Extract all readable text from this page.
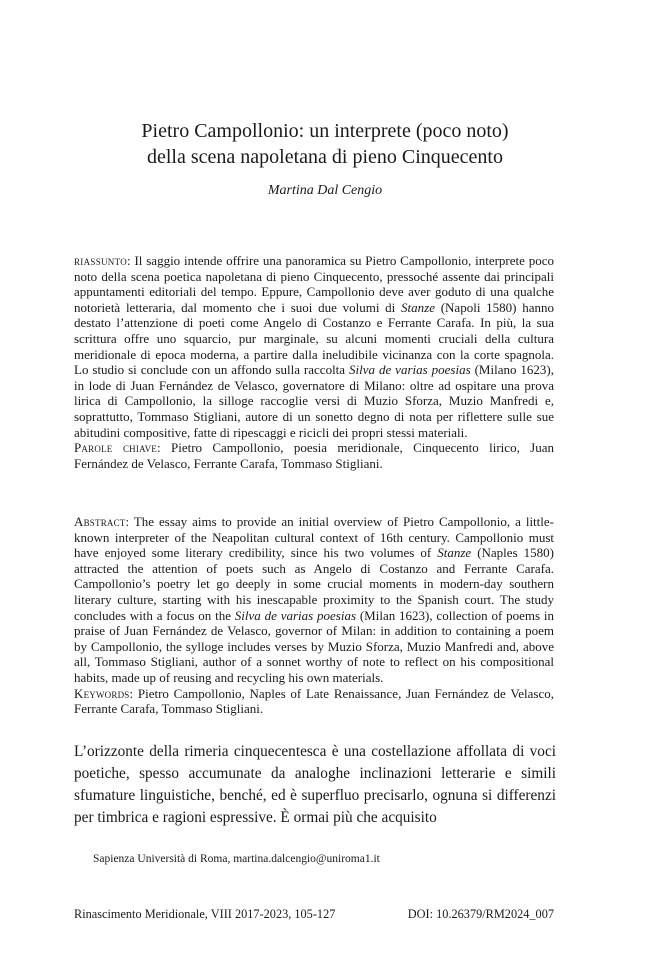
Pietro Campollonio: un interprete (poco noto)
della scena napoletana di pieno Cinquecento
Martina Dal Cengio

riassunto: Il saggio intende offrire una panoramica su Pietro Campollonio, interprete poco noto della scena poetica napoletana di pieno Cinquecento, pressoché assente dai principali appuntamenti editoriali del tempo. Eppure, Campollonio deve aver goduto di una qualche notorietà letteraria, dal momento che i suoi due volumi di Stanze (Napoli 1580) hanno destato l’attenzione di poeti come Angelo di Costanzo e Ferrante Carafa. In più, la sua scrittura offre uno squarcio, pur marginale, su alcuni momenti cruciali della cultura meridionale di epoca moderna, a partire dalla ineludibile vicinanza con la corte spagnola. Lo studio si conclude con un affondo sulla raccolta Silva de varias poesias (Milano 1623), in lode di Juan Fernández de Velasco, governatore di Milano: oltre ad ospitare una prova lirica di Campollonio, la silloge raccoglie versi di Muzio Sforza, Muzio Manfredi e, soprattutto, Tommaso Stigliani, autore di un sonetto degno di nota per riflettere sulle sue abitudini compositive, fatte di ripescaggi e ricicli dei propri stessi materiali.

Parole chiave: Pietro Campollonio, poesia meridionale, Cinquecento lirico, Juan Fernández de Velasco, Ferrante Carafa, Tommaso Stigliani.

Abstract: The essay aims to provide an initial overview of Pietro Campollonio, a little-known interpreter of the Neapolitan cultural context of 16th century. Campollonio must have enjoyed some literary credibility, since his two volumes of Stanze (Naples 1580) attracted the attention of poets such as Angelo di Costanzo and Ferrante Carafa. Campollonio’s poetry let go deeply in some crucial moments in modern-day southern literary culture, starting with his inescapable proximity to the Spanish court. The study concludes with a focus on the Silva de varias poesias (Milan 1623), collection of poems in praise of Juan Fernández de Velasco, governor of Milan: in addition to containing a poem by Campollonio, the sylloge includes verses by Muzio Sforza, Muzio Manfredi and, above all, Tommaso Stigliani, author of a sonnet worthy of note to reflect on his compositional habits, made up of reusing and recycling his own materials.

Keywords: Pietro Campollonio, Naples of Late Renaissance, Juan Fernández de Velasco, Ferrante Carafa, Tommaso Stigliani.

L’orizzonte della rimeria cinquecentesca è una costellazione affollata di voci poetiche, spesso accumunate da analoghe inclinazioni letterarie e simili sfumature linguistiche, benché, ed è superfluo precisarlo, ognuna si differenzi per timbrica e ragioni espressive. È ormai più che acquisito

Sapienza Università di Roma, martina.dalcengio@uniroma1.it
Rinascimento Meridionale, VIII 2017-2023, 105-127	DOI: 10.26379/RM2024_007
